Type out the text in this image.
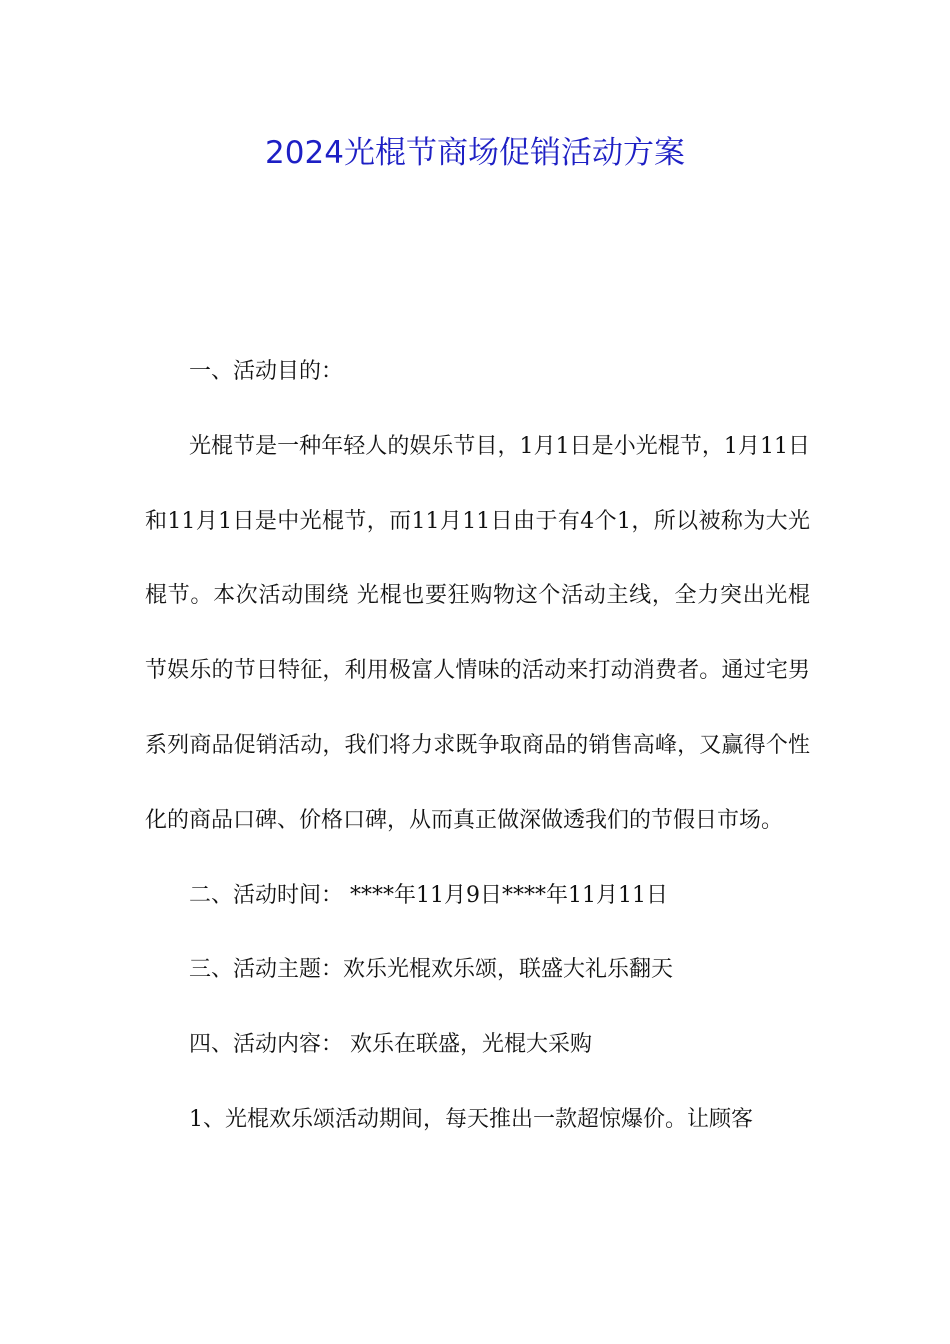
2024光棍节商场促销活动方案

一、活动目的：

光棍节是一种年轻人的娱乐节目，1月1日是小光棍节，1月11日和11月1日是中光棍节，而11月11日由于有4个1，所以被称为大光棍节。本次活动围绕 光棍也要狂购物这个活动主线，全力突出光棍节娱乐的节日特征，利用极富人情味的活动来打动消费者。通过宅男系列商品促销活动，我们将力求既争取商品的销售高峰，又赢得个性化的商品口碑、价格口碑，从而真正做深做透我们的节假日市场。

二、活动时间： ****年11月9日****年11月11日

三、活动主题：欢乐光棍欢乐颂，联盛大礼乐翻天

四、活动内容： 欢乐在联盛，光棍大采购

1、光棍欢乐颂活动期间，每天推出一款超惊爆价。让顾客
